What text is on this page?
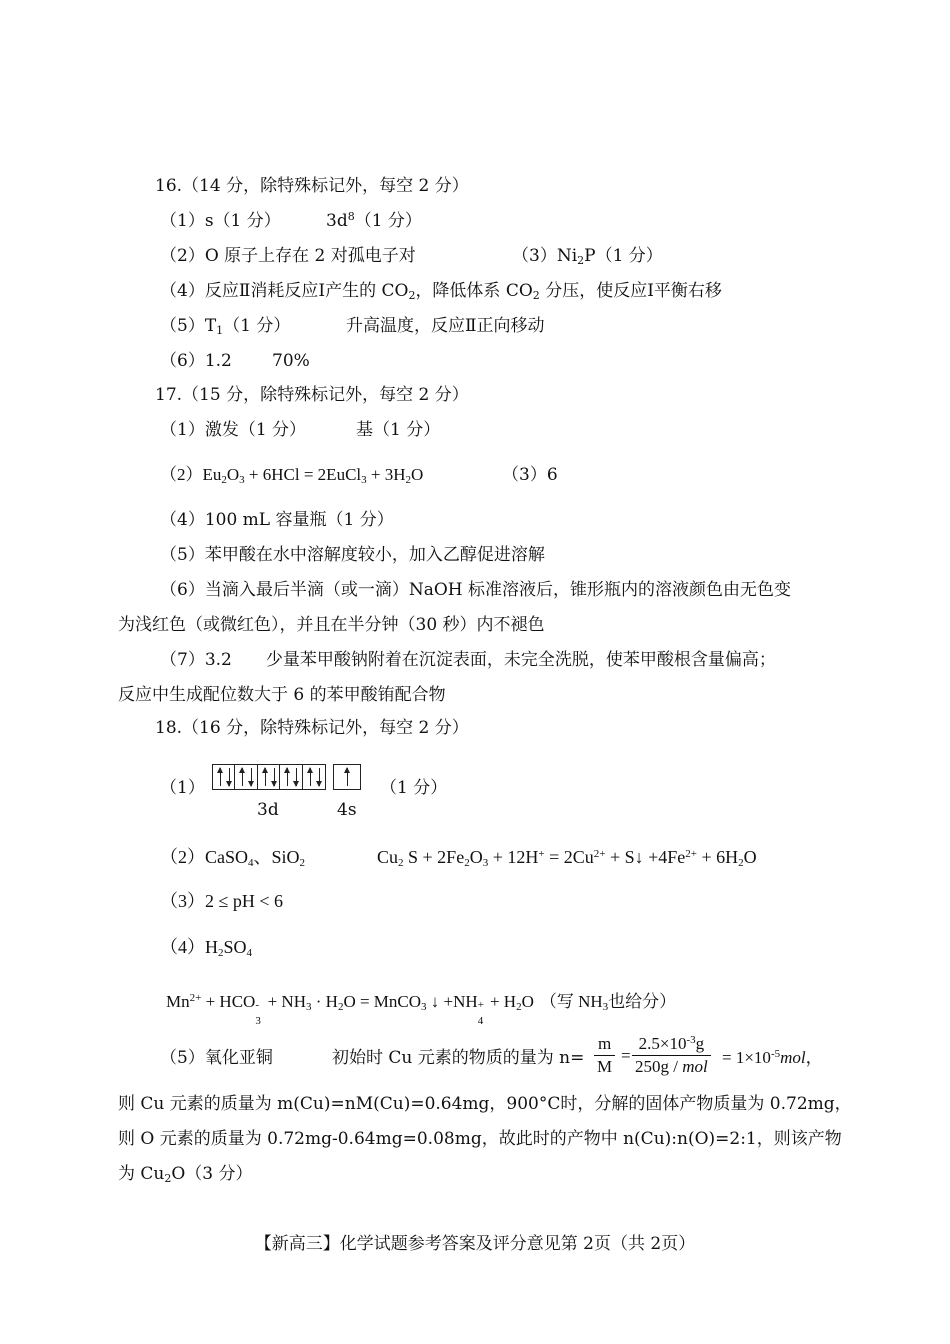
16.（14 分，除特殊标记外，每空 2 分）
（1）s（1 分）	$3d^8(1$ 分）
（2）O 原子上存在 2 对孤电子对	$(3)Ni_2P(1$ 分）
（4）反应Ⅱ消耗反应Ⅰ产生的 $CO_2$，降低体系 $CO_2$ 分压，使反应Ⅰ平衡右移
$(5)T_1(1$ 分）	升高温度，反应Ⅱ正向移动
（6）1.2 70%
17.（15 分，除特殊标记外，每空 2 分）
（1）激发（1 分）	基（1 分）
$(2)Eu_2O_3 + 6HCl$ = 2EuCl$_3$ + $3H_2O$	（3）6
（4）100 mL 容量瓶（1 分）
（5）苯甲酸在水中溶解度较小，加入乙醇促进溶解
（6）当滴入最后半滴（或一滴）NaOH 标准溶液后，锥形瓶内的溶液颜色由无色变
为浅红色（或微红色），并且在半分钟（30 秒）内不褪色
（7）3.2　　少量苯甲酸钠附着在沉淀表面，未完全洗脱，使苯甲酸根含量偏高；
反应中生成配位数大于 6 的苯甲酸铕配合物
18.（16 分，除特殊标记外，每空 2 分）
（1）
3d	4s
（1 分）
（2）CaSO$_4$、SiO$_2$	$Cu_2$ $S + 2Fe_2O_3 + 12H^+ = 2Cu^{2+}$ + S↓ $+4Fe^{2+} + 6H_2O$
（3）2 ≤ pH < 6
$(4)H_2SO_4$
$Mn^{2+}$ + HCO -
3
+ $NH_3 \cdot H_2O$ = MnCO$_3$ ↓ +NH +
4
+ $H_2O$ （写 $NH_3$也给分）
（5）氧化亚铜	初始时 Cu 元素的物质的量为 $n= \frac{m}{M} = \frac{2.5\times 10^{-3}g}{\text{250g / mol}} = 1\times 10^{-5}mol$，
则 Cu 元素的质量为 m(Cu)=nM(Cu)=0.64mg，900°C时，分解的固体产物质量为 0.72mg，
则 O 元素的质量为 0.72mg-0.64mg=0.08mg，故此时的产物中 n(Cu):n(O)=2:1，则该产物
为 $Cu_2O(3$ 分）
【新高三】化学试题参考答案及评分意见第 2页（共 2页）
